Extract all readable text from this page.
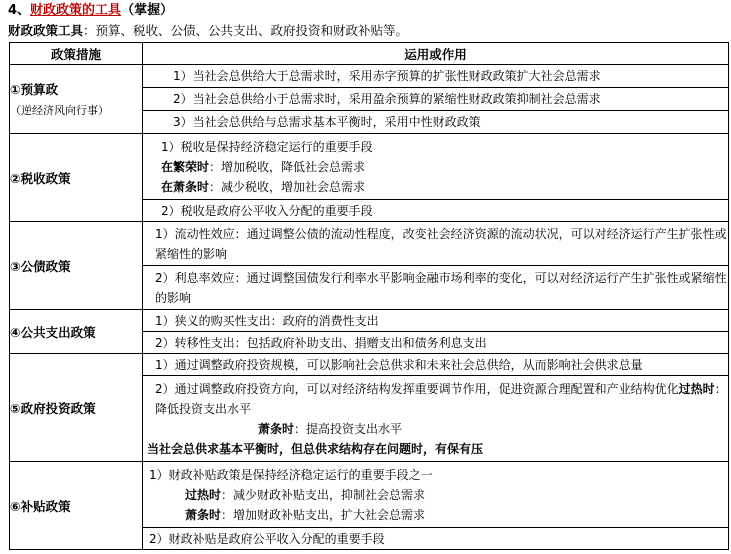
4、财政政策的工具（掌握）
财政政策工具：预算、税收、公债、公共支出、政府投资和财政补贴等。
政策措施	运用或作用
①预算政
（逆经济风向行事）	1）当社会总供给大于总需求时，采用赤字预算的扩张性财政政策扩大社会总需求
	2）当社会总供给小于总需求时，采用盈余预算的紧缩性财政政策抑制社会总需求
	3）当社会总供给与总需求基本平衡时，采用中性财政政策
②税收政策	1）税收是保持经济稳定运行的重要手段
在繁荣时：增加税收，降低社会总需求
在萧条时：减少税收，增加社会总需求

	2）税收是政府公平收入分配的重要手段
③公债政策	1）流动性效应：通过调整公债的流动性程度，改变社会经济资源的流动状况，可以对经济运行产生扩张性或紧缩性的影响
	2）利息率效应：通过调整国债发行利率水平影响金融市场利率的变化，可以对经济运行产生扩张性或紧缩性的影响
④公共支出政策	1）狭义的购买性支出：政府的消费性支出
	2）转移性支出：包括政府补助支出、捐赠支出和债务利息支出
⑤政府投资政策	1）通过调整政府投资规模，可以影响社会总供求和未来社会总供给，从而影响社会供求总量

	2）通过调整政府投资方向，可以对经济结构发挥重要调节作用，促进资源合理配置和产业结构优化过热时：降低投资支出水平
萧条时：提高投资支出水平
当社会总供求基本平衡时，但总供求结构存在问题时，有保有压

⑥补贴政策	1）财政补贴政策是保持经济稳定运行的重要手段之一
过热时：减少财政补贴支出，抑制社会总需求
萧条时：增加财政补贴支出，扩大社会总需求

	2）财政补贴是政府公平收入分配的重要手段
